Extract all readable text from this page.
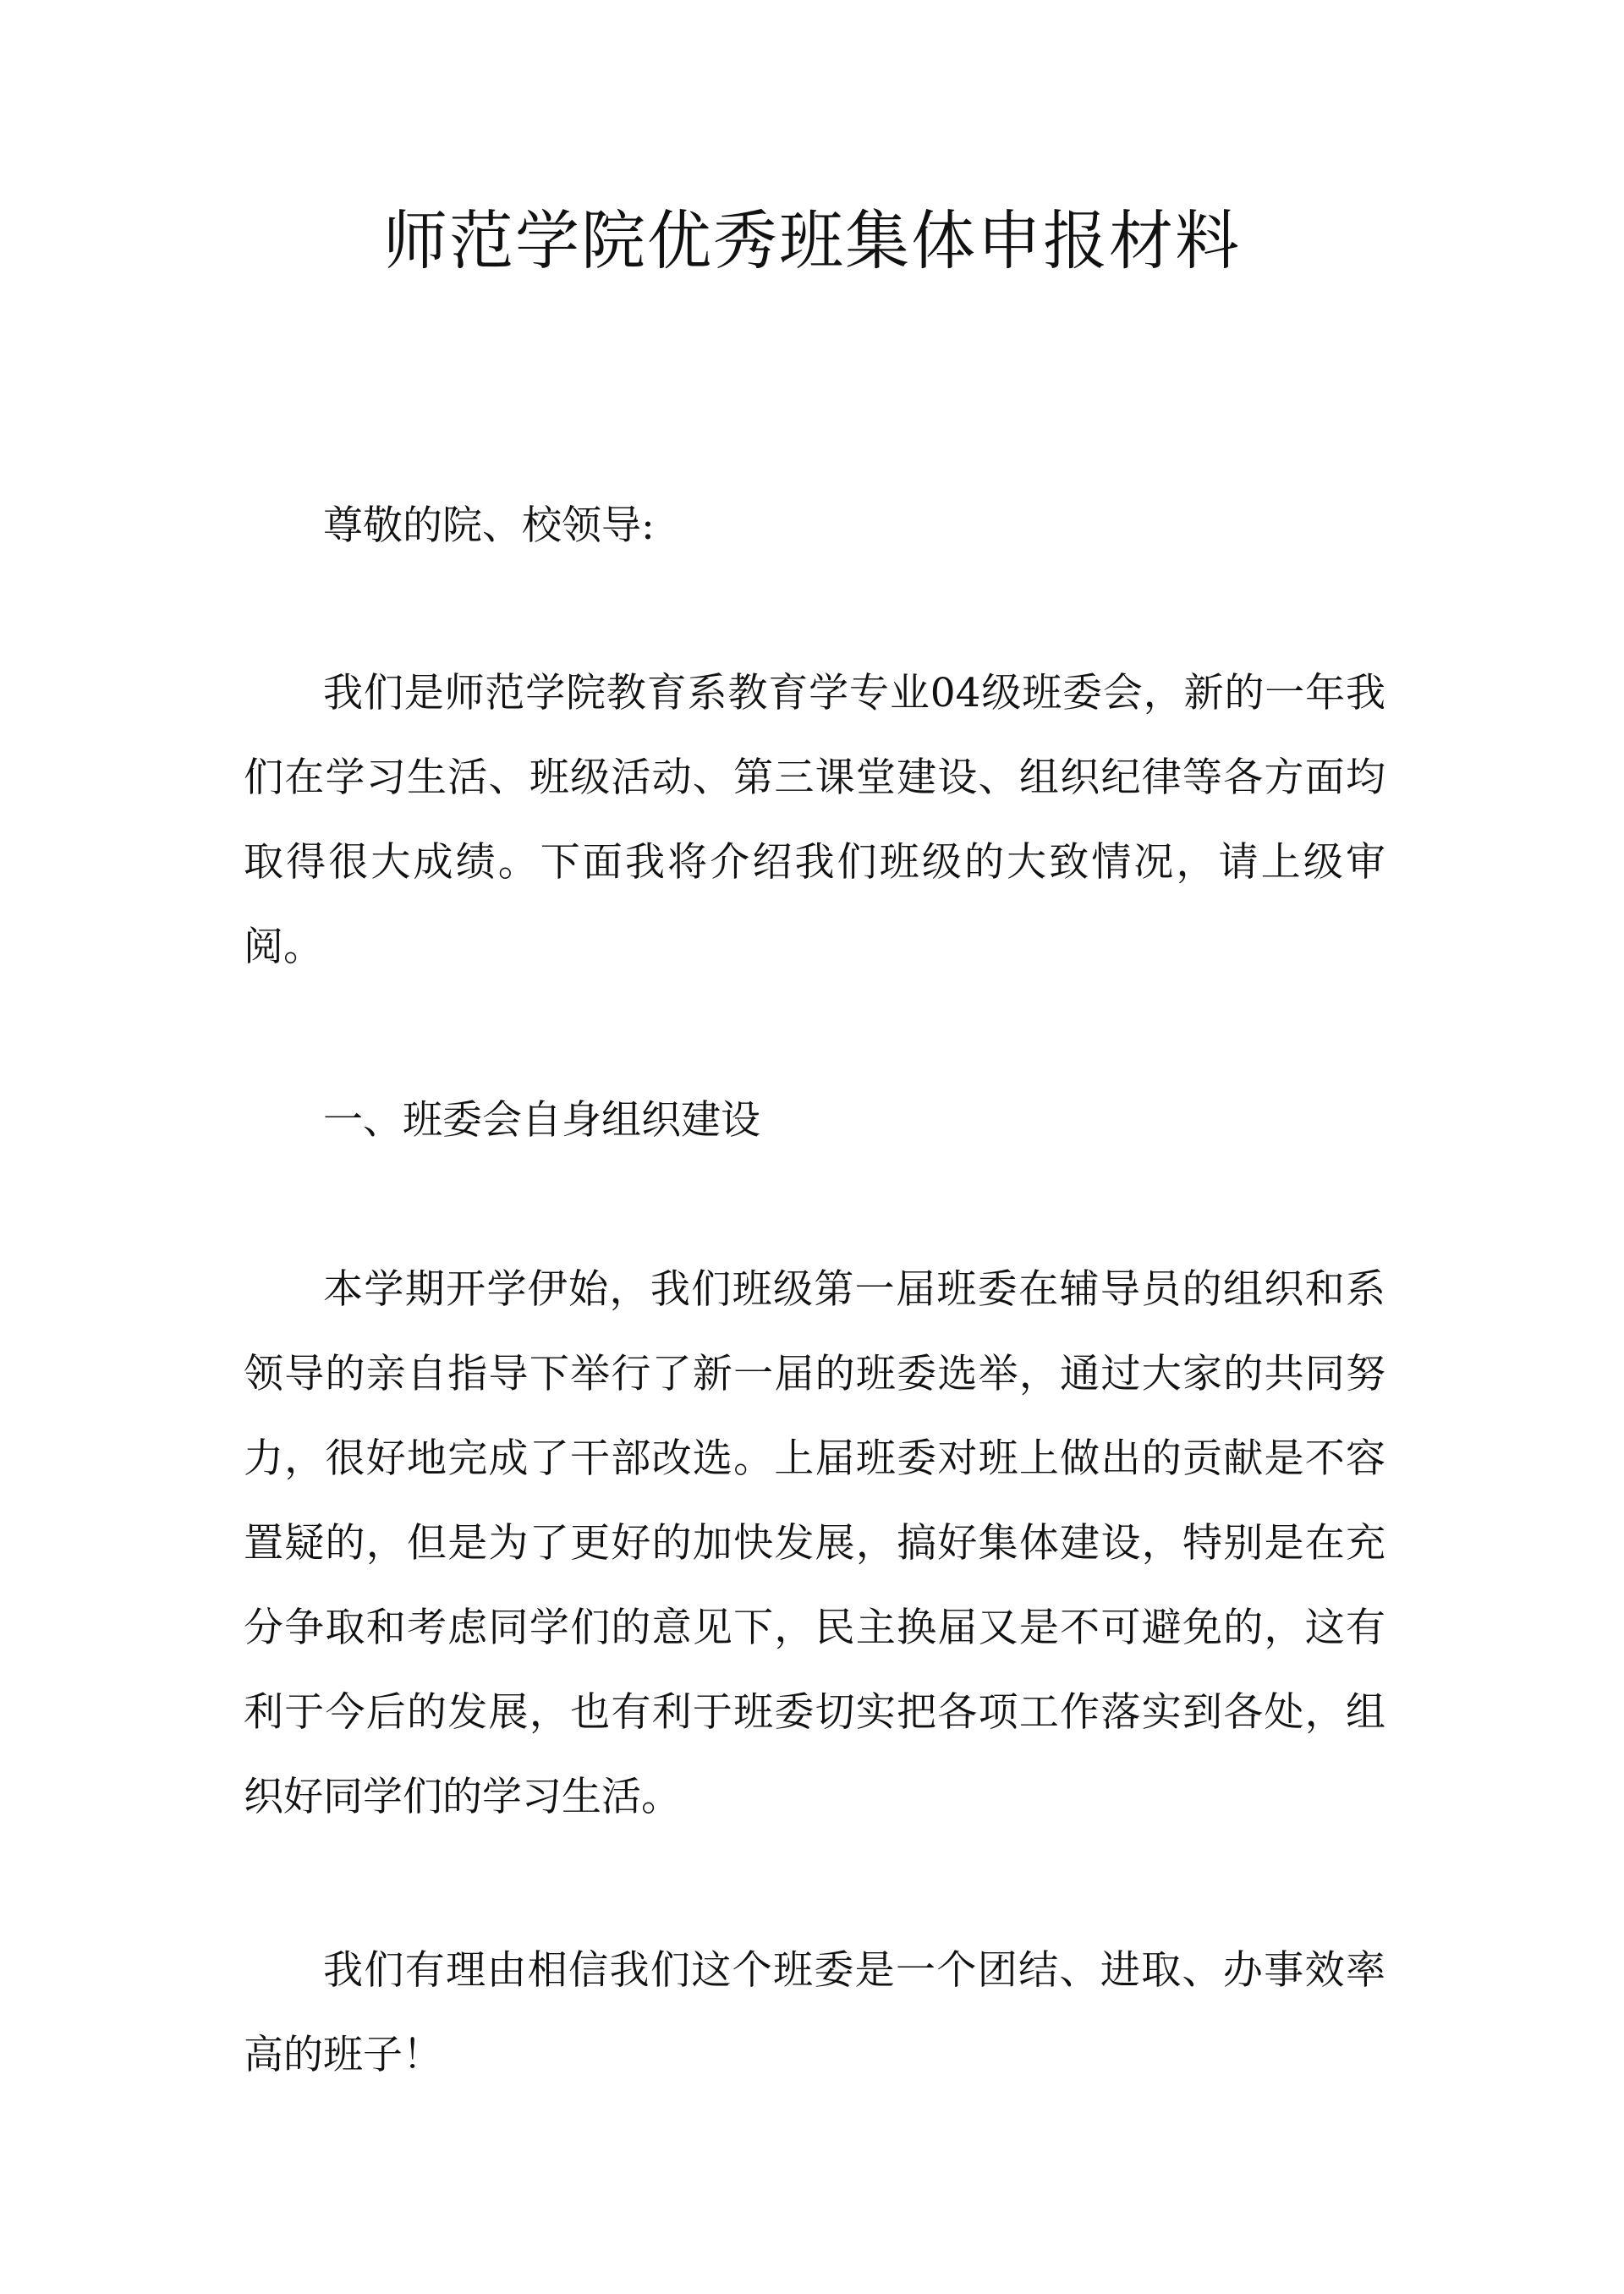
师范学院优秀班集体申报材料

尊敬的院、校领导:

我们是师范学院教育系教育学专业04级班委会，新的一年我们在学习生活、班级活动、第三课堂建设、组织纪律等各方面均取得很大成绩。下面我将介绍我们班级的大致情况，请上级审阅。

一、班委会自身组织建设

本学期开学伊始，我们班级第一届班委在辅导员的组织和系领导的亲自指导下举行了新一届的班委选举，通过大家的共同努力，很好地完成了干部改选。上届班委对班上做出的贡献是不容置疑的，但是为了更好的加快发展，搞好集体建设，特别是在充分争取和考虑同学们的意见下，民主换届又是不可避免的，这有利于今后的发展，也有利于班委切实把各项工作落实到各处，组织好同学们的学习生活。

我们有理由相信我们这个班委是一个团结、进取、办事效率高的班子！
